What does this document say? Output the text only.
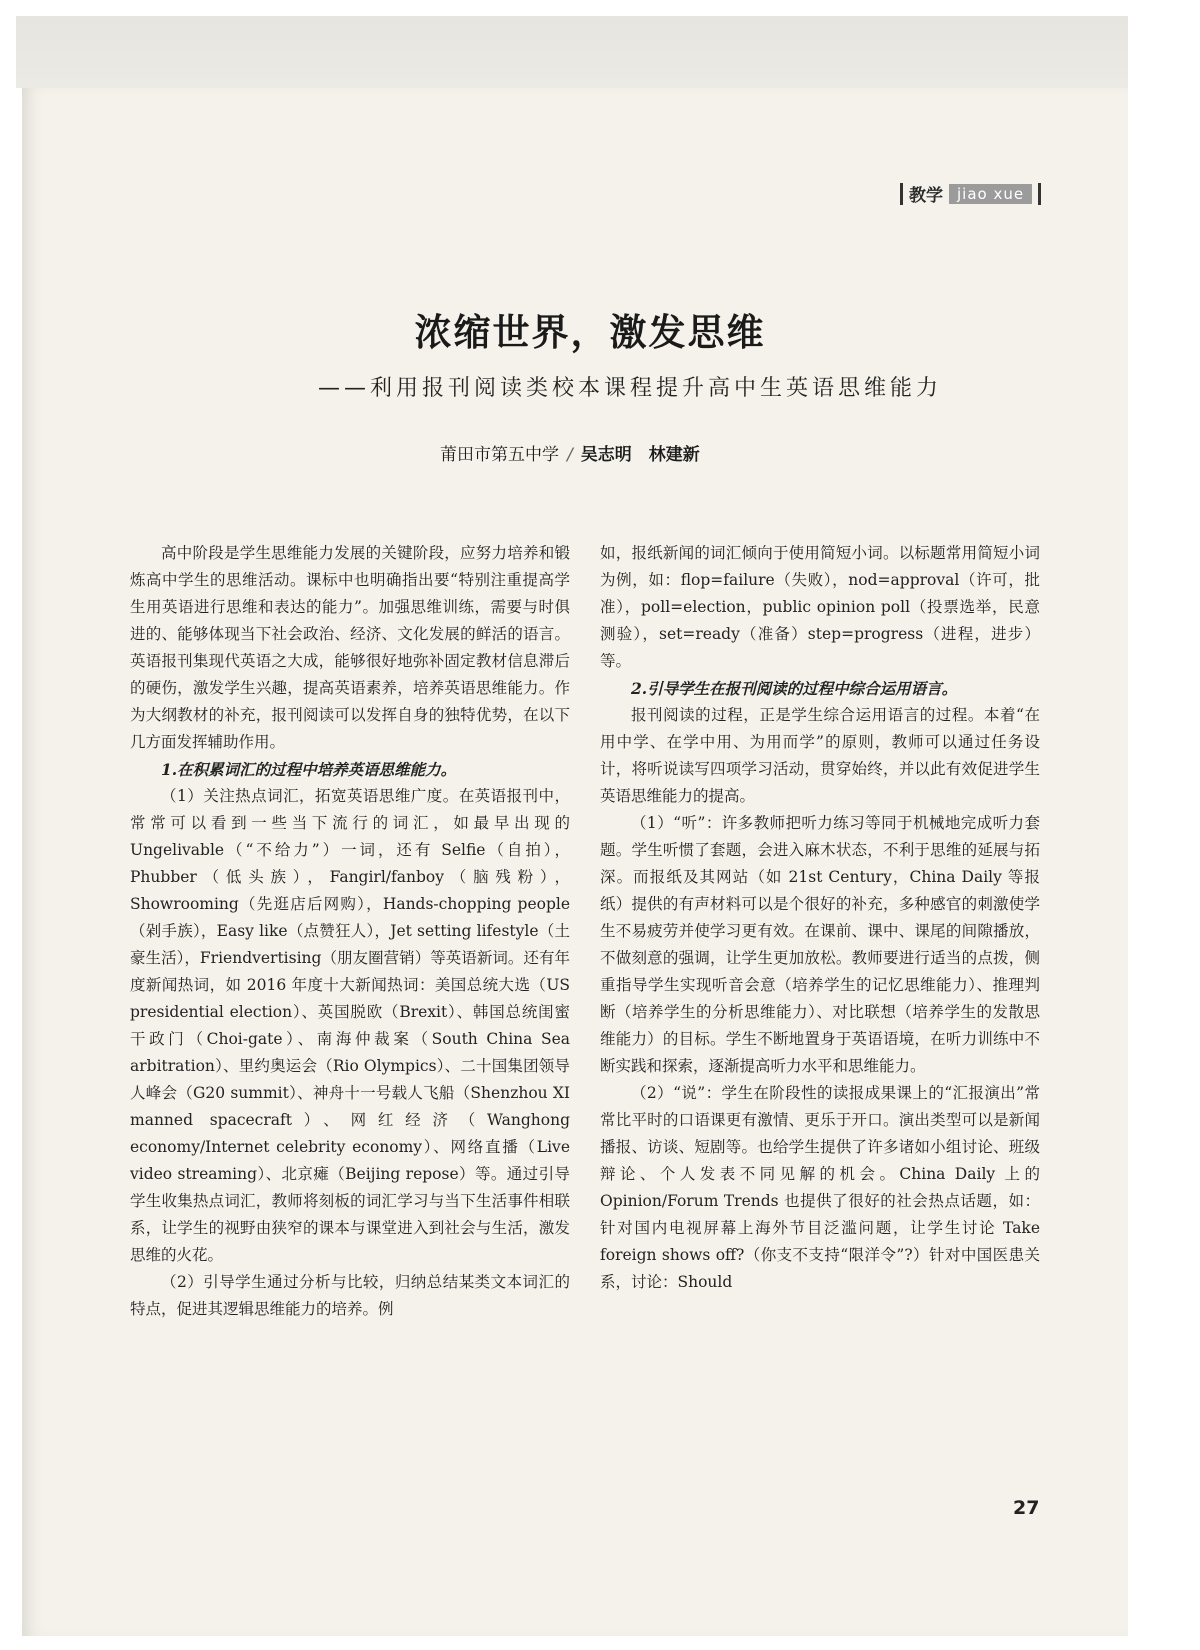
教学 jiao xue
浓缩世界，激发思维
——利用报刊阅读类校本课程提升高中生英语思维能力
莆田市第五中学 / 吴志明　林建新

高中阶段是学生思维能力发展的关键阶段，应努力培养和锻炼高中学生的思维活动。课标中也明确指出要“特别注重提高学生用英语进行思维和表达的能力”。加强思维训练，需要与时俱进的、能够体现当下社会政治、经济、文化发展的鲜活的语言。英语报刊集现代英语之大成，能够很好地弥补固定教材信息滞后的硬伤，激发学生兴趣，提高英语素养，培养英语思维能力。作为大纲教材的补充，报刊阅读可以发挥自身的独特优势，在以下几方面发挥辅助作用。

1.在积累词汇的过程中培养英语思维能力。

（1）关注热点词汇，拓宽英语思维广度。在英语报刊中，常常可以看到一些当下流行的词汇，如最早出现的 Ungelivable（“不给力”）一词，还有 Selfie（自拍），Phubber（低头族），Fangirl/fanboy（脑残粉），Showrooming（先逛店后网购），Hands-chopping people（剁手族），Easy like（点赞狂人），Jet setting lifestyle（土豪生活），Friendvertising（朋友圈营销）等英语新词。还有年度新闻热词，如 2016 年度十大新闻热词：美国总统大选（US presidential election）、英国脱欧（Brexit）、韩国总统闺蜜干政门（Choi-gate）、南海仲裁案（South China Sea arbitration）、里约奥运会（Rio Olympics）、二十国集团领导人峰会（G20 summit）、神舟十一号载人飞船（Shenzhou XI manned spacecraft）、网红经济（Wanghong economy/Internet celebrity economy）、网络直播（Live video streaming）、北京瘫（Beijing repose）等。通过引导学生收集热点词汇，教师将刻板的词汇学习与当下生活事件相联系，让学生的视野由狭窄的课本与课堂进入到社会与生活，激发思维的火花。

（2）引导学生通过分析与比较，归纳总结某类文本词汇的特点，促进其逻辑思维能力的培养。例

如，报纸新闻的词汇倾向于使用简短小词。以标题常用简短小词为例，如：flop=failure（失败），nod=approval（许可，批准），poll=election，public opinion poll（投票选举，民意测验），set=ready（准备）step=progress（进程，进步）等。

2.引导学生在报刊阅读的过程中综合运用语言。

报刊阅读的过程，正是学生综合运用语言的过程。本着“在用中学、在学中用、为用而学”的原则，教师可以通过任务设计，将听说读写四项学习活动，贯穿始终，并以此有效促进学生英语思维能力的提高。

（1）“听”：许多教师把听力练习等同于机械地完成听力套题。学生听惯了套题，会进入麻木状态，不利于思维的延展与拓深。而报纸及其网站（如 21st Century，China Daily 等报纸）提供的有声材料可以是个很好的补充，多种感官的刺激使学生不易疲劳并使学习更有效。在课前、课中、课尾的间隙播放，不做刻意的强调，让学生更加放松。教师要进行适当的点拨，侧重指导学生实现听音会意（培养学生的记忆思维能力）、推理判断（培养学生的分析思维能力）、对比联想（培养学生的发散思维能力）的目标。学生不断地置身于英语语境，在听力训练中不断实践和探索，逐渐提高听力水平和思维能力。

（2）“说”：学生在阶段性的读报成果课上的“汇报演出”常常比平时的口语课更有激情、更乐于开口。演出类型可以是新闻播报、访谈、短剧等。也给学生提供了许多诸如小组讨论、班级辩论、个人发表不同见解的机会。China Daily 上的 Opinion/Forum Trends 也提供了很好的社会热点话题，如：针对国内电视屏幕上海外节目泛滥问题，让学生讨论 Take foreign shows off?（你支不支持“限洋令”?）针对中国医患关系，讨论：Should

27
